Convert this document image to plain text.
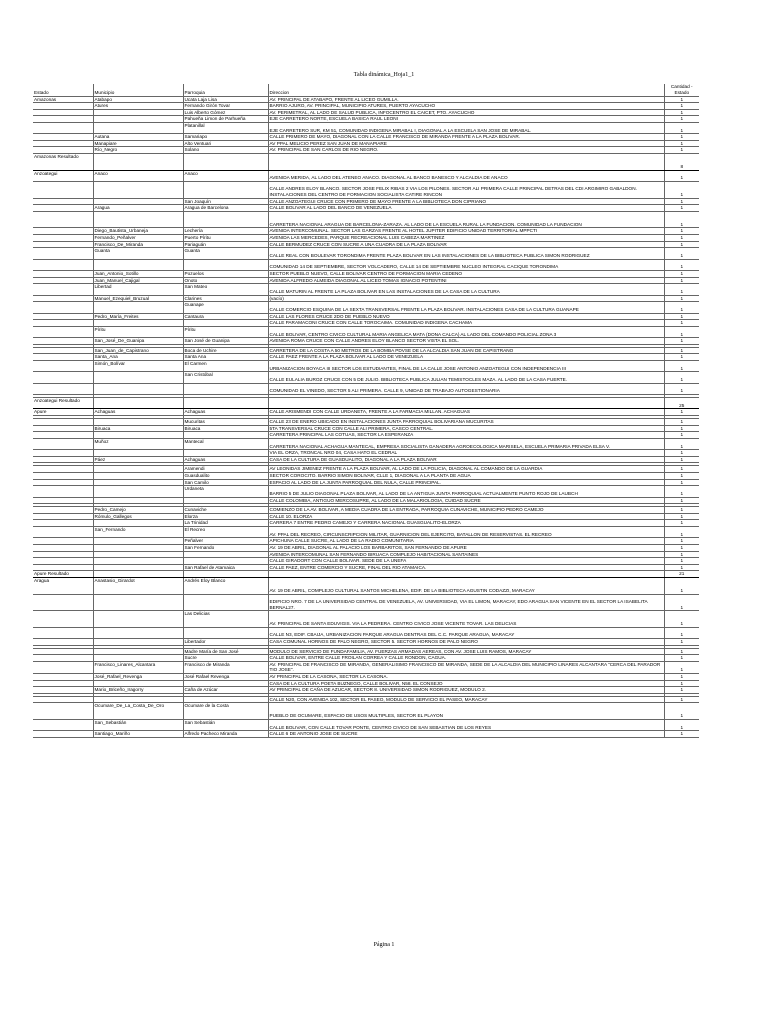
Tabla dinámica_Hoja1_1
Estado	Municipio	Parroquia	Direccion	Cantidad - Estado
Amazonas	Atabapo	Ucata Laja Lisa	AV. PRINCIPAL DE ATABAPO, FRENTE AL LICEO GUMILLA.	1
	Atures	Fernando Girón Tovar	BARRIO AJURO, AV. PRINCIPAL, MUNICIPIO ATURES, PUERTO AYACUCHO	1
		Luis Alberto Gómez	AV. PERIMETRAL, AL LADO DE SALUD PUBLICA, INFOCENTRO EL CAICET, PTO. AYACUCHO	1
		Pahueña Limon de Parhueña	EJE CARRETERO NORTE, ESCUELA BASICA RAUL LEONI	1
		Platanillal	EJE CARRETERO SUR, KM 51, COMUNIDAD INDIGENA MIRABAL I, DIAGONAL A LA ESCUELA SAN JOSE DE MIRABAL.	1
	Autana	Samariapo	CALLE PRIMERO DE MAYO, DIAGONAL CON LA CALLE FRANCISCO DE MIRANDA FRENTE A LA PLAZA BOLIVAR.	1
	Manapiare	Alto Ventuari	AV PPAL MELICIO PEREZ SAN JUAN DE MANAPIARE	1
	Río_Negro	Solano	AV. PRINCIPAL DE SAN CARLOS DE RIO NEGRO.	1
Amazonas Resultado				8
Anzoategui	Anaco	Anaco	AVENIDA MERIDA, AL LADO DEL ATENEO ANACO. DIAGONAL AL BANCO BANESCO Y ALCALDIA DE ANACO	1
			CALLE ANDRES ELOY BLANCO. SECTOR JOSE FELIX RIBAS 2 VIA LOS PILONES. SECTOR ALI PRIMERA CALLE PRINCIPAL DETRAS DEL CDI ARGIMIRO GABALDON. INSTALACIONES DEL CENTRO DE FORMACION SOCIALISTA CATIRE RINCON	1
		San Joaquín	CALLE ANZOATEGUI CRUCE CON PRIMERO DE MAYO FRENTE A LA BIBLIOTECA DON CIPRIANO	1
	Aragua	Aragua de Barcelona	CALLE BOLIVAR AL LADO DEL BANCO DE VENEZUELA	1
			CARRETERA NACIONAL ARAGUA DE BARCELONA-ZARAZA. AL LADO DE LA ESCUELA RURAL LA FUNDACION. COMUNIDAD LA FUNDACION	1
	Diego_Bautista_Urbaneja	Lechería	AVENIDA INTERCOMUNAL. SECTOR LAS GARZAS FRENTE AL HOTEL JUPITER EDIFICIO UNIDAD TERRITORIAL MPPCTI	1
	Fernando_Peñalver	Puerto Píritu	AVENIDA LAS MERCEDES, PARQUE RECREACIONAL LUIS CABEZA MARTINEZ	1
	Francisco_De_Miranda	Pariaguán	CALLE BERMUDEZ CRUCE CON SUCRE A UNA CUADRA DE LA PLAZA BOLIVAR	1
	Guanta	Guanta	CALLE REAL CON BOULEVAR TORONDIMA FRENTE PLAZA BOLIVAR EN LAS INSTALACIONES DE LA BIBLIOTECA PUBLICA SIMON RODRIGUEZ	1
			COMUNIDAD 14 DE SEPTIEMBRE, SECTOR VOLCADERO, CALLE 14 DE SEPTIEMBRE NUCLEO INTEGRAL CACIQUE TORONDIMA	1
	Juan_Antonio_Sotillo	Pozuelos	SECTOR PUEBLO NUEVO, CALLE BOLIVAR CENTRO DE FORMACION MARIA CEDENO	1
	Juan_Manuel_Cajigal	Onoto	AVENIDA ALFREDO ALMEIDA DIAGONAL AL LICEO TOMAS IGNACIO POTENTINI	1
	Libertad	San Mateo	CALLE MATURIN AL FRENTE LA PLAZA BOLIVAR EN LAS INSTALACIONES DE LA CASA DE LA CULTURA	1
	Manuel_Ezequiel_Bruzual	Clarines	(vacío)	1
		Guanape	CALLE COMERCIO ESQUINA DE LA SEXTA TRANSVERSAL FRENTE LA PLAZA BOLIVAR. INSTALACIONES CASA DE LA CULTURA GUANAPE	1
	Pedro_María_Freites	Cantaura	CALLE LAS FLORES CRUCE 2DO DE PUEBLO NUEVO	1
			CALLE PARAMACONI CRUCE CON CALLE TOROCAIMA. COMUNIDAD INDIGENA CACHAMA	1
	Píritu	Píritu	CALLE BOLIVAR, CENTRO CIVICO CULTURAL MARIA ANGELICA MATA (DONA CALCA) AL LADO DEL COMANDO POLICIAL ZONA 3	1
	San_José_De_Guanipa	San José de Guanipa	AVENIDA ROMA CRUCE CON CALLE ANDRES ELOY BLANCO SECTOR VISTA EL SOL.	1

	San_Juan_de_Capistrano	Boca de Uchire	CARRETERA DE LA COSTA A 50 METROS DE LA BOMBA PDVSE DE LA ALCALDIA SAN JUAN DE CAPISTRANO	1
	Santa_Ana	Santa Ana	CALLE PAEZ FRENTE A LA PLAZA BOLIVAR AL LADO DE VENEZUELA	1
	Simón_Bolívar	El Carmen	URBANIZACION BOYACA III SECTOR LOS ESTUDIANTES, FINAL DE LA CALLE JOSE ANTONIO ANZOATEGUI CON INDEPENDENCIA III	1
		San Cristóbal	CALLE EULALIA BUROZ CRUCE CON 5 DE JULIO. BIBLIOTECA PUBLICA JULIAN TEMISTOCLES MAZA. AL LADO DE LA CASA FUERTE.	1
			COMUNIDAD EL VINEDO, SECTOR 5 ALI PRIMERA. CALLE 9, UNIDAD DE TRABAJO AUTOGESTIONARIA	1

Anzoategui Resultado				25
Apure	Achaguas	Achaguas	CALLE ARISMENDI CON CALLE URDANETA, FRENTE A LA FARMACIA MILLAN. ACHAGUAS	1

		Mucuritas	CALLE 23 DE ENERO UBICADO EN INSTALACIONES JUNTA PARROQUIAL BOLIVARIANA MUCURITAS	1
	Biruaca	Biruaca	5TA TRANSVERSAL CRUCE CON CALLE ALI PRIMERA, CASCO CENTRAL.	1
			CARRETERA PRINCIPAL LAS COTUAS, SECTOR LA ESPERANZA	1
	Muñoz	Mantecal	CARRETERA NACIONAL ACHAGUA MANTECAL, EMPRESA SOCIALISTA GANADERA AGROECOLOGICA MARISELA, ESCUELA PRIMARIA PRIVADA ELSA V.	1
			VIA EL ORZA, TRONCAL NRO 04, CASA HATO EL CEDRAL	1
	Páez	Achaguas	CASA DE LA CULTURA DE GUASDUALITO, DIAGONAL A LA PLAZA BOLIVAR	1

		Aramendi	AV LEONIDAS JIMENEZ FRENTE A LA PLAZA BOLIVAR, AL LADO DE LA POLICIA, DIAGONAL AL COMANDO DE LA GUARDIA	1
		Guasdualito	SECTOR COROCITO. BARRIO SIMON BOLIVAR, CLLE 1, DIAGONAL A LA PLANTA DE AGUA	1
		San Camilo	ESPACIO AL LADO DE LA JUNTA PARROQUIAL DEL NULA, CALLE PRINCIPAL.	1
		Urdaneta	BARRIO 5 DE JULIO DIAGONAL PLAZA BOLIVAR, AL LADO DE LA ANTIGUA JUNTA PARROQUIAL ACTUALMENTE PUNTO ROJO DE LAUBCH	1
			CALLE COLOMBIA, ANTIGUO MERCOSUPRE, AL LADO DE LA MALARIOLOGIA, CUIDAD SUCRE	1

	Pedro_Camejo	Cunaviche	COMIENZO DE LA AV. BOLIVAR, A MEDIA CUADRA DE LA ENTRADA, PARROQUIA CUNAVICHE, MUNICIPIO PEDRO CAMEJO	1
	Rómulo_Gallegos	Elorza	CALLE 10. ELORZA	1
		La Trinidad	CARRERA 7 ENTRE PEDRO CAMEJO Y CARRERA NACIONAL GUASGUALITO-ELORZA	1
	San_Fernando	El Recreo	AV. PPAL DEL RECREO, CIRCUNSCRIPCION MILITAR, GUARNICION DEL EJERCITO, BATALLON DE RESERVISTAS. EL RECREO	1
		Peñalver	APICHUNA CALLE SUCRE, AL LADO DE LA RADIO COMUNITARIA	1
		San Fernando	AV. 19 DE ABRIL, DIAGONAL AL PALACIO LOS BARBARITOS, SAN FERNANDO DE APURE	1
			AVENIDA INTERCOMUNAL SAN FERNANDO BIRUACA COMPLEJO HABITACIONAL SANTAINES	1
			CALLE GIRADORT CON CALLE BOLIVAR. SEDE DE LA UNEFA	1
		San Rafael de Atamaica	CALLE PAEZ, ENTRE COMERCIO Y SUCRE, FINAL DEL RIO ATAMAICA.	1
Apure Resultado				21
Aragua	Anastasio_Girardot	Andrés Eloy Blanco	AV. 19 DE ABRIL, COMPLEJO CULTURAL SANTOS MICHELENA, EDIF. DE LA BIBLIOTECA AGUSTIN CODAZZI, MARACAY	1
			EDIFICIO NRO. 7 DE LA UNIVERSIDAD CENTRAL DE VENEZUELA, AV. UNIVERSIDAD, VIA EL LIMON, MARACAY, EDO ARAGUA SAN VICENTE EN EL SECTOR LA ISABELITA BERNAL27.	1
		Las Delicias	AV. PRINCIPAL DE SANTA EDUVIGIS. VIA LA PEDRERA. CENTRO CIVICO JOSE VICENTE TOVAR. LAS DELICIAS	1
			CALLE N3, EDIF. CBAIJA, URBANIZACION PARQUE ARAGUA DENTRAS DEL C.C. PARQUE ARAGUA, MARACAY	1
		Libertador	CASA COMUNAL HORNOS DE PALO NEGRO, SECTOR 5. SECTOR HORNOS DE PALO NEGRO	1

		Madre María de San José	MODULO DE SERVICIO DE FUNDAFAMILIA, AV. FUERZAS ARMADAS AEREAS, CON AV. JOSE LUIS RAMOS, MARACAY	1
		Sucre	CALLE BOLIVAR, ENTRE CALLE FROILAN CORREA Y CALLE RONDON, CAGUA.	1
	Francisco_Linares_Alcantara	Francisco de Miranda	AV. PRINCIPAL DE FRANCISCO DE MIRANDA, GENERALISIMO FRANCISCO DE MIRANDA, SEDE DE LA ALCALDIA DEL MUNICIPIO LINARES ALCANTARA "CERCA DEL PARADOR TIO JOSE".	1
	José_Rafael_Revenga	José Rafael Revenga	AV PRINCIPAL DE LA CASONA, SECTOR LA CASONA.	1
			CASA DE LA CULTURA POETA BUZNEGO, CALLE BOLIVAR, N58. EL CONSEJO	1
	Mario_Briceño_Iragorry	Caña de Azúcar	AV PRINCIPAL DE CAÑA DE AZUCAR, SECTOR 8. UNIVERSIDAD SIMON RODRIGUEZ, MODULO 2.	1

			CALLE N20, CON AVENIDA 102, SECTOR EL PASEO, MODULO DE SERVICIO EL PASEO, MARACAY	1
	Ocumare_De_La_Costa_De_Oro	Ocumare de la Costa	PUEBLO DE OCUMARE, ESPACIO DE USOS MULTIPLES, SECTOR EL PLAYON	1
	San_Sebastián	San Sebastián	CALLE BOLIVAR, CON CALLE TOVAR PONTE, CENTRO CIVICO DE SAN SEBASTIAN DE LOS REYES	1
	Santiago_Mariño	Alfredo Pacheco Miranda	CALLE 6 DE ANTONIO JOSE DE SUCRE	1
Página 1
